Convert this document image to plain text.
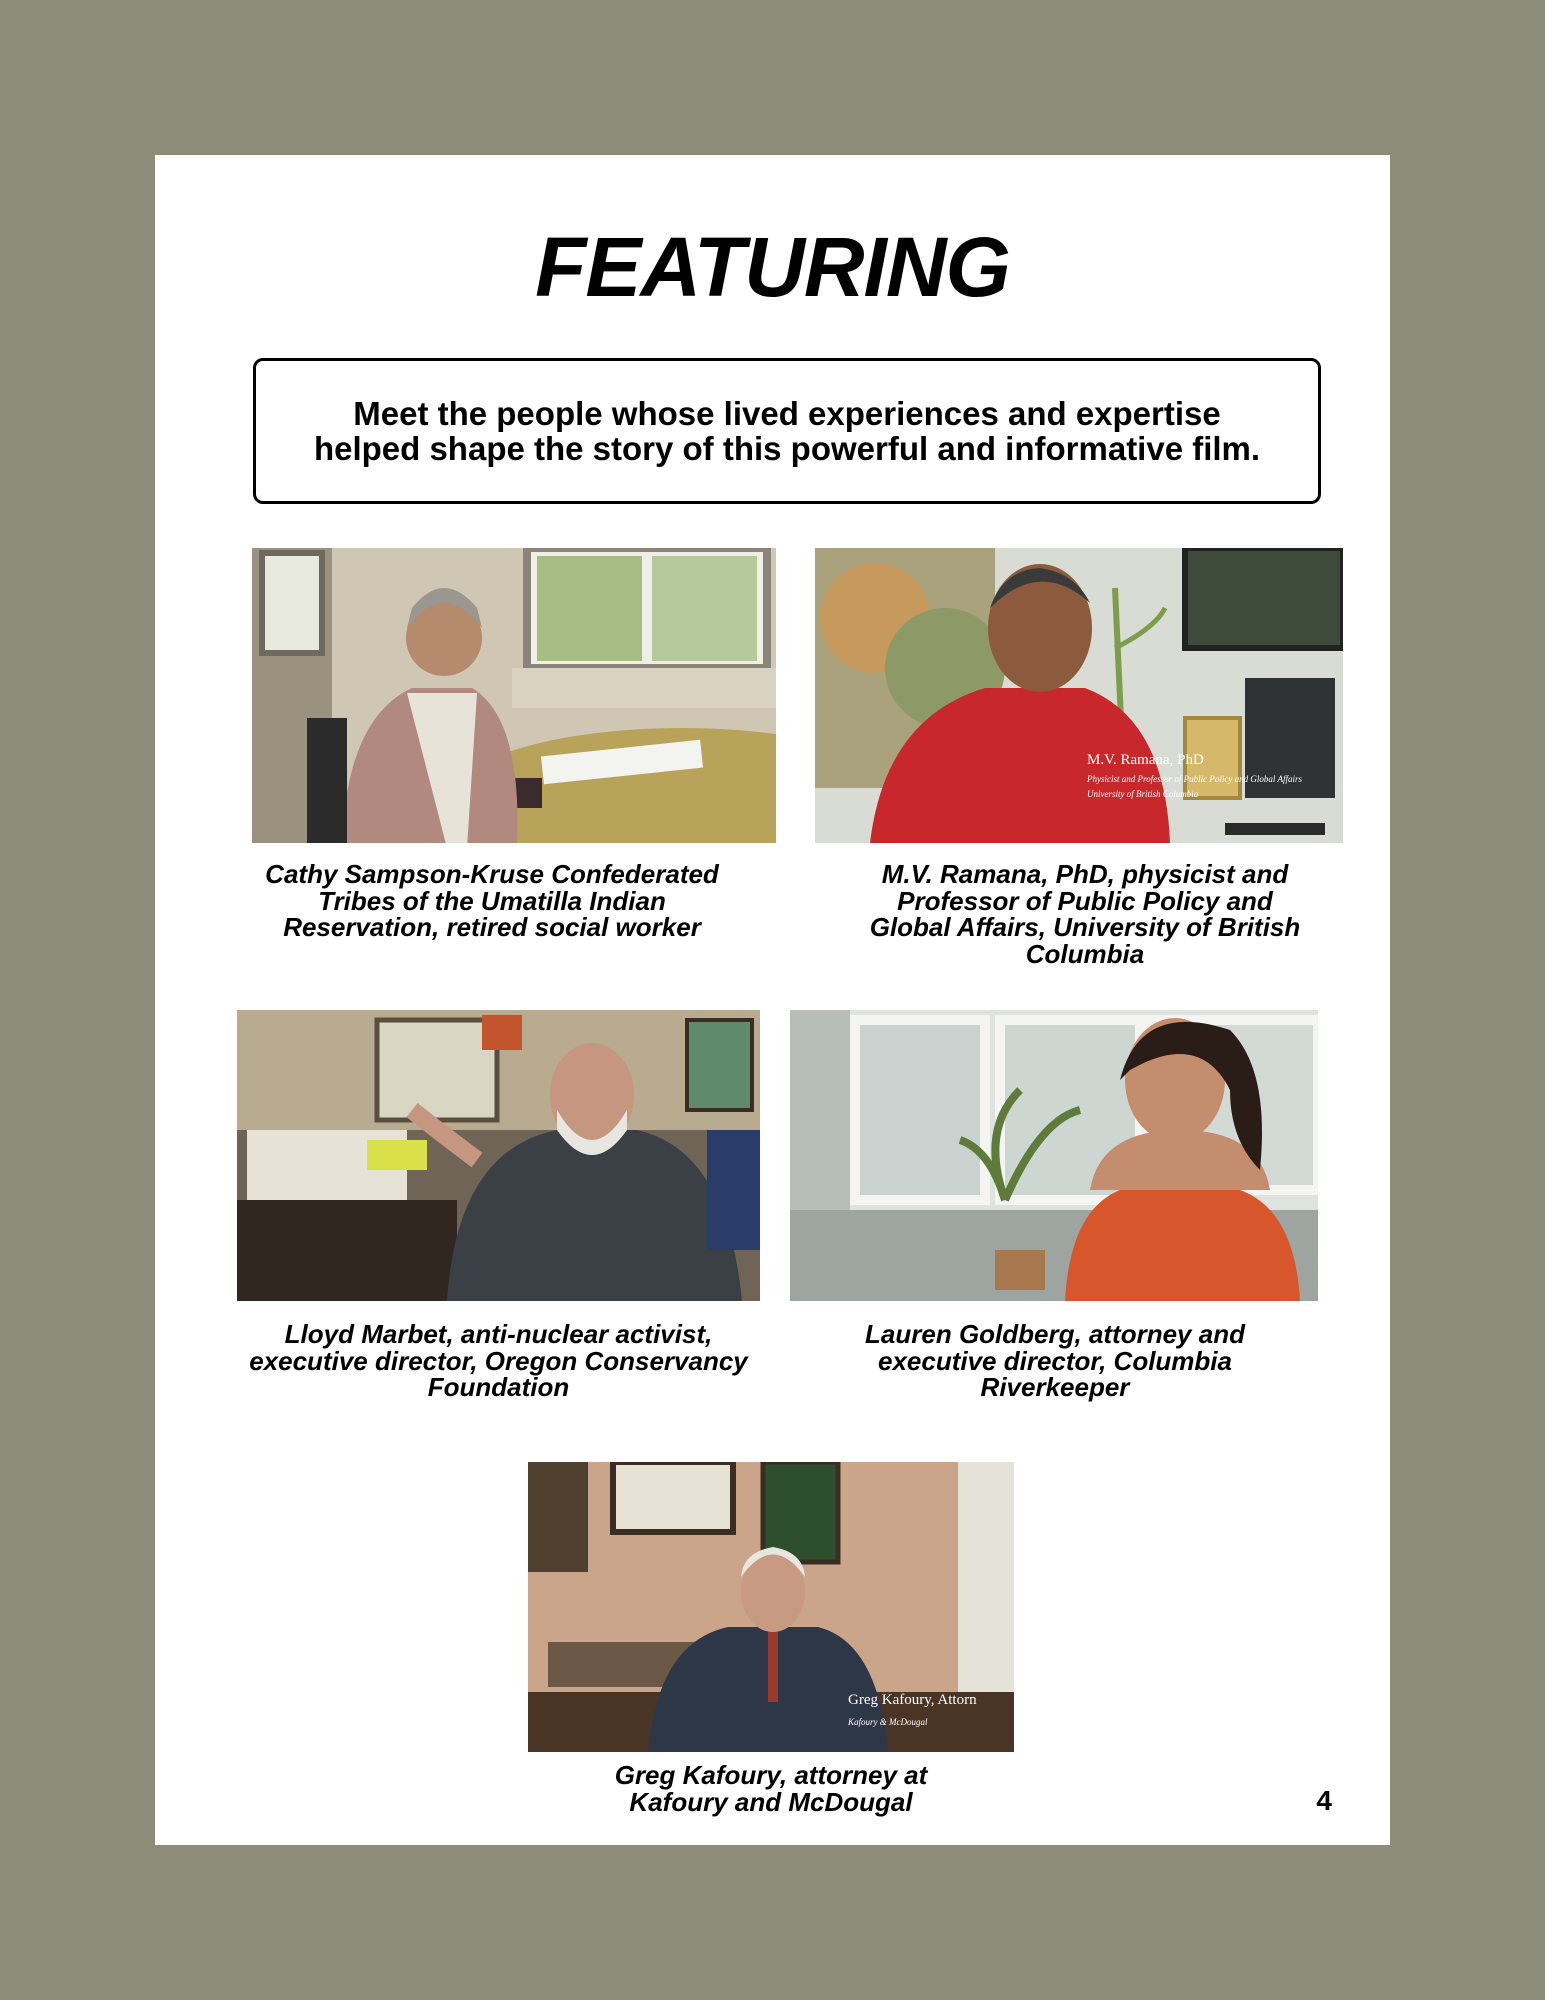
FEATURING
Meet the people whose lived experiences and expertise helped shape the story of this powerful and informative film.
M.V. Ramana, PhD
Physicist and Professor of Public Policy and Global Affairs
University of British Columbia
Cathy Sampson-Kruse Confederated Tribes of the Umatilla Indian Reservation, retired social worker
M.V. Ramana, PhD, physicist and Professor of Public Policy and Global Affairs, University of British Columbia
Lloyd Marbet, anti-nuclear activist, executive director, Oregon Conservancy Foundation
Lauren Goldberg, attorney and executive director, Columbia Riverkeeper
Greg Kafoury, Attorn
Kafoury & McDougal
Greg Kafoury, attorney at Kafoury and McDougal	4
